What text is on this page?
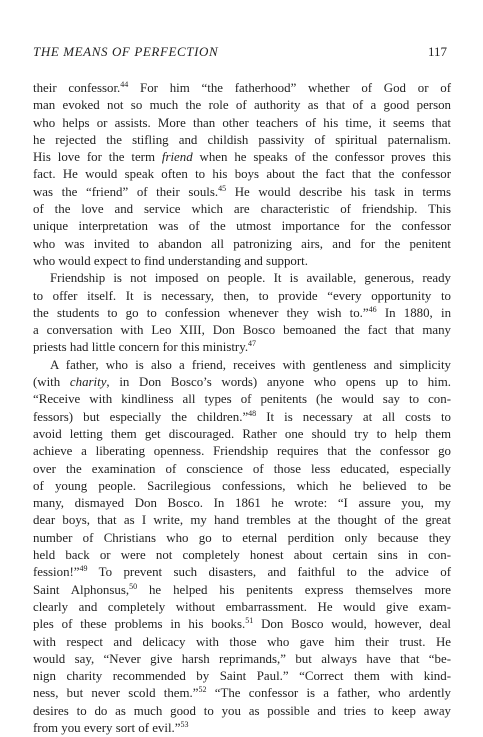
THE MEANS OF PERFECTION	117
their confessor.$^{44}$ For him “the fatherhood” whether of God or of
man evoked not so much the role of authority as that of a good person
who helps or assists. More than other teachers of his time, it seems that
he rejected the stifling and childish passivity of spiritual paternalism.
His love for the term friend when he speaks of the confessor proves this
fact. He would speak often to his boys about the fact that the confessor
was the “friend” of their souls.$^{45}$ He would describe his task in terms
of the love and service which are characteristic of friendship. This
unique interpretation was of the utmost importance for the confessor
who was invited to abandon all patronizing airs, and for the penitent
who would expect to find understanding and support.
Friendship is not imposed on people. It is available, generous, ready
to offer itself. It is necessary, then, to provide “every opportunity to
the students to go to confession whenever they wish to.”$^{46}$ In 1880, in
a conversation with Leo XIII, Don Bosco bemoaned the fact that many
priests had little concern for this ministry.$^{47}$
A father, who is also a friend, receives with gentleness and simplicity
(with charity, in Don Bosco’s words) anyone who opens up to him.
“Receive with kindliness all types of penitents (he would say to con-
fessors) but especially the children.”$^{48}$ It is necessary at all costs to
avoid letting them get discouraged. Rather one should try to help them
achieve a liberating openness. Friendship requires that the confessor go
over the examination of conscience of those less educated, especially
of young people. Sacrilegious confessions, which he believed to be
many, dismayed Don Bosco. In 1861 he wrote: “I assure you, my
dear boys, that as I write, my hand trembles at the thought of the great
number of Christians who go to eternal perdition only because they
held back or were not completely honest about certain sins in con-
fession!”$^{49}$ To prevent such disasters, and faithful to the advice of
Saint Alphonsus,$^{50}$ he helped his penitents express themselves more
clearly and completely without embarrassment. He would give exam-
ples of these problems in his books.$^{51}$ Don Bosco would, however, deal
with respect and delicacy with those who gave him their trust. He
would say, “Never give harsh reprimands,” but always have that “be-
nign charity recommended by Saint Paul.” “Correct them with kind-
ness, but never scold them.”$^{52}$ “The confessor is a father, who ardently
desires to do as much good to you as possible and tries to keep away
from you every sort of evil.”$^{53}$
